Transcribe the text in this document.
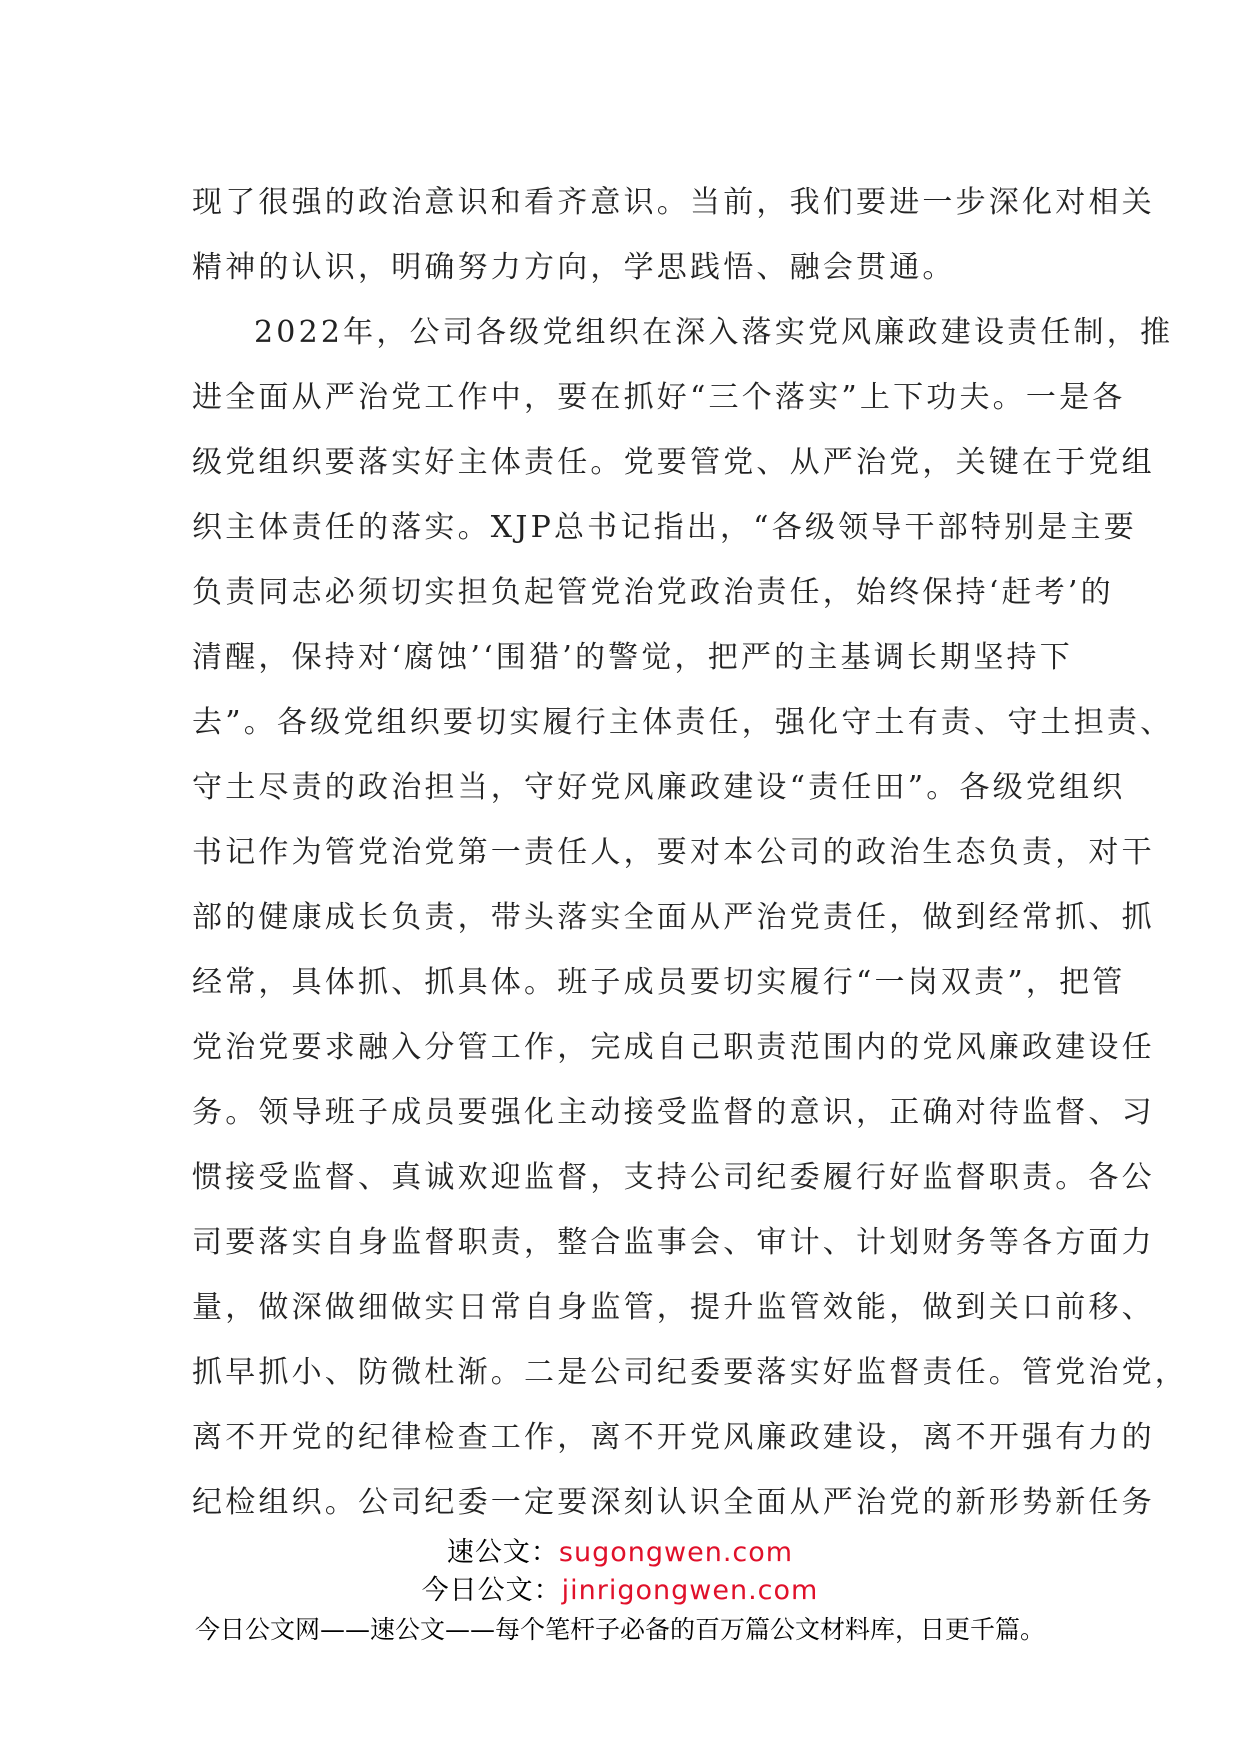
现了很强的政治意识和看齐意识。当前，我们要进一步深化对相关
精神的认识，明确努力方向，学思践悟、融会贯通。
2022年，公司各级党组织在深入落实党风廉政建设责任制，推
进全面从严治党工作中，要在抓好“三个落实”上下功夫。一是各
级党组织要落实好主体责任。党要管党、从严治党，关键在于党组
织主体责任的落实。XJP总书记指出，“各级领导干部特别是主要
负责同志必须切实担负起管党治党政治责任，始终保持‘赶考’的
清醒，保持对‘腐蚀’‘围猎’的警觉，把严的主基调长期坚持下
去”。各级党组织要切实履行主体责任，强化守土有责、守土担责、
守土尽责的政治担当，守好党风廉政建设“责任田”。各级党组织
书记作为管党治党第一责任人，要对本公司的政治生态负责，对干
部的健康成长负责，带头落实全面从严治党责任，做到经常抓、抓
经常，具体抓、抓具体。班子成员要切实履行“一岗双责”，把管
党治党要求融入分管工作，完成自己职责范围内的党风廉政建设任
务。领导班子成员要强化主动接受监督的意识，正确对待监督、习
惯接受监督、真诚欢迎监督，支持公司纪委履行好监督职责。各公
司要落实自身监督职责，整合监事会、审计、计划财务等各方面力
量，做深做细做实日常自身监管，提升监管效能，做到关口前移、
抓早抓小、防微杜渐。二是公司纪委要落实好监督责任。管党治党，
离不开党的纪律检查工作，离不开党风廉政建设，离不开强有力的
纪检组织。公司纪委一定要深刻认识全面从严治党的新形势新任务
速公文：sugongwen.com
今日公文：jinrigongwen.com
今日公文网——速公文——每个笔杆子必备的百万篇公文材料库，日更千篇。
